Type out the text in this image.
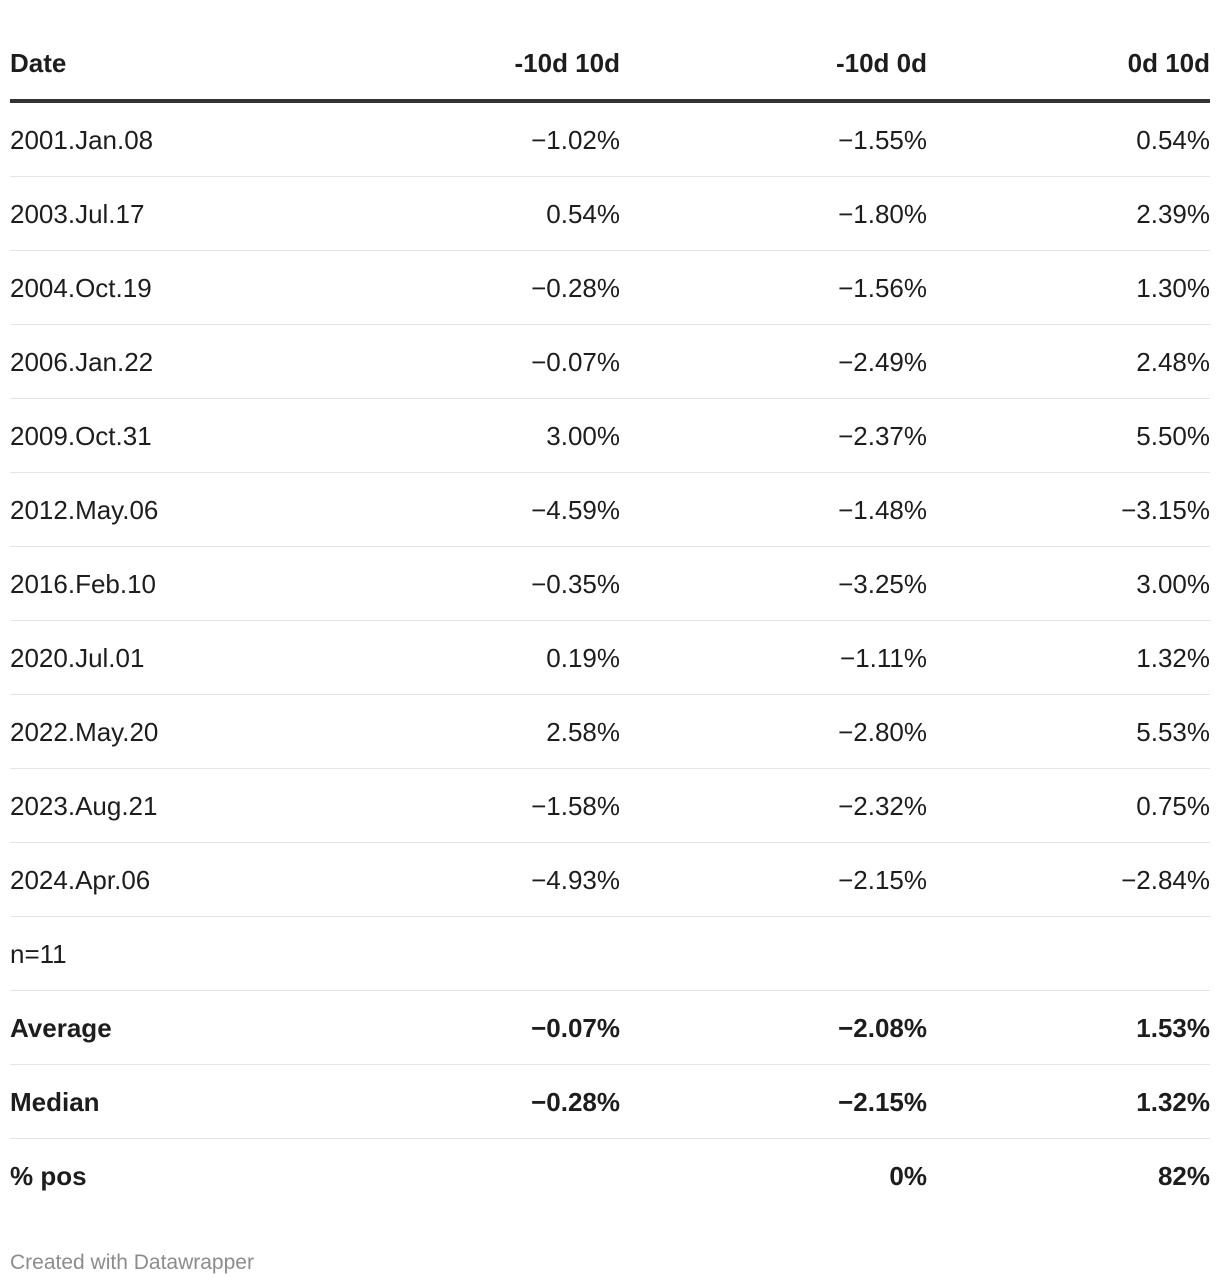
Date	-10d 10d	-10d 0d	0d 10d
2001.Jan.08	−1.02%	−1.55%	0.54%
2003.Jul.17	0.54%	−1.80%	2.39%
2004.Oct.19	−0.28%	−1.56%	1.30%
2006.Jan.22	−0.07%	−2.49%	2.48%
2009.Oct.31	3.00%	−2.37%	5.50%
2012.May.06	−4.59%	−1.48%	−3.15%
2016.Feb.10	−0.35%	−3.25%	3.00%
2020.Jul.01	0.19%	−1.11%	1.32%
2022.May.20	2.58%	−2.80%	5.53%
2023.Aug.21	−1.58%	−2.32%	0.75%
2024.Apr.06	−4.93%	−2.15%	−2.84%
n=11			
Average	−0.07%	−2.08%	1.53%
Median	−0.28%	−2.15%	1.32%
% pos		0%	82%
Created with Datawrapper
